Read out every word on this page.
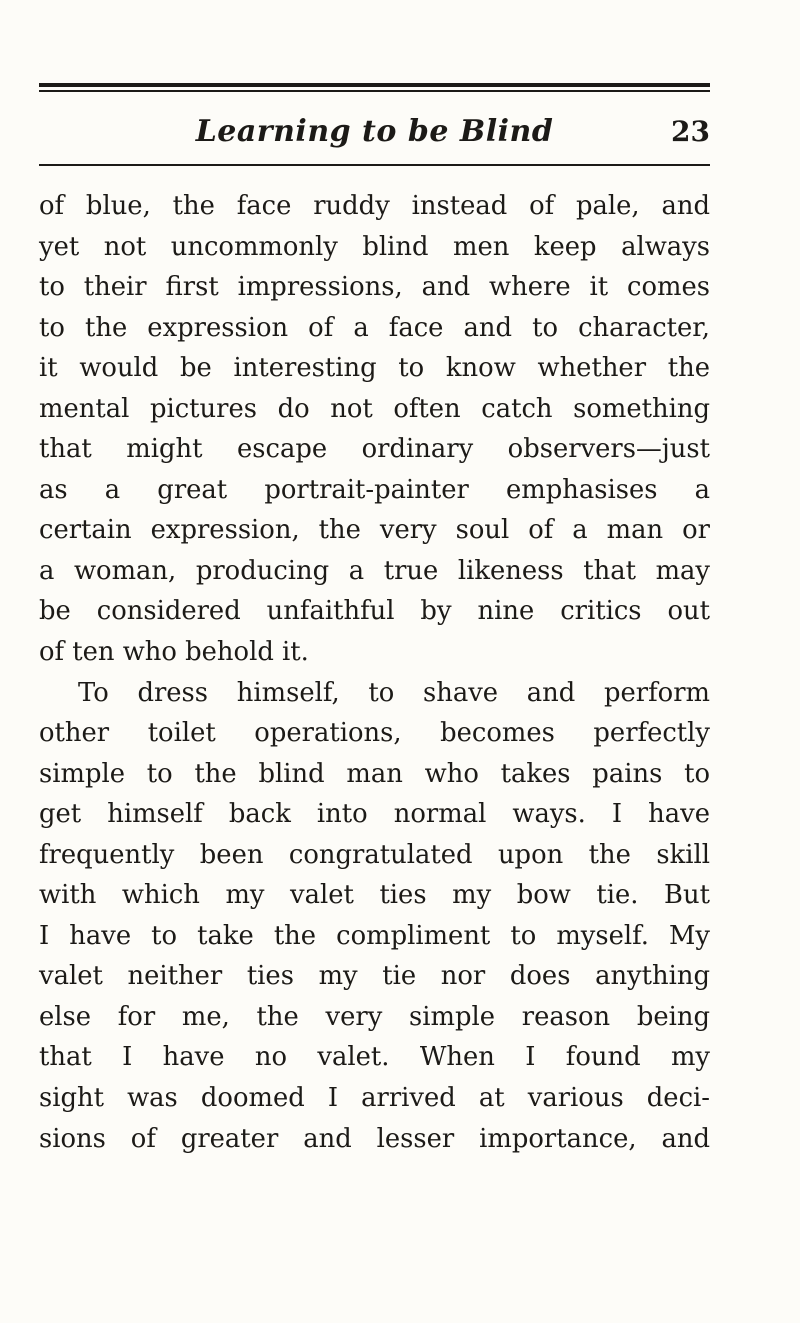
Learning to be Blind	23
of blue, the face ruddy instead of pale, and
yet not uncommonly blind men keep always
to their first impressions, and where it comes
to the expression of a face and to character,
it would be interesting to know whether the
mental pictures do not often catch something
that might escape ordinary observers—just
as a great portrait-painter emphasises a
certain expression, the very soul of a man or
a woman, producing a true likeness that may
be considered unfaithful by nine critics out
of ten who behold it.
To dress himself, to shave and perform
other toilet operations, becomes perfectly
simple to the blind man who takes pains to
get himself back into normal ways. I have
frequently been congratulated upon the skill
with which my valet ties my bow tie. But
I have to take the compliment to myself. My
valet neither ties my tie nor does anything
else for me, the very simple reason being
that I have no valet. When I found my
sight was doomed I arrived at various deci-
sions of greater and lesser importance, and
